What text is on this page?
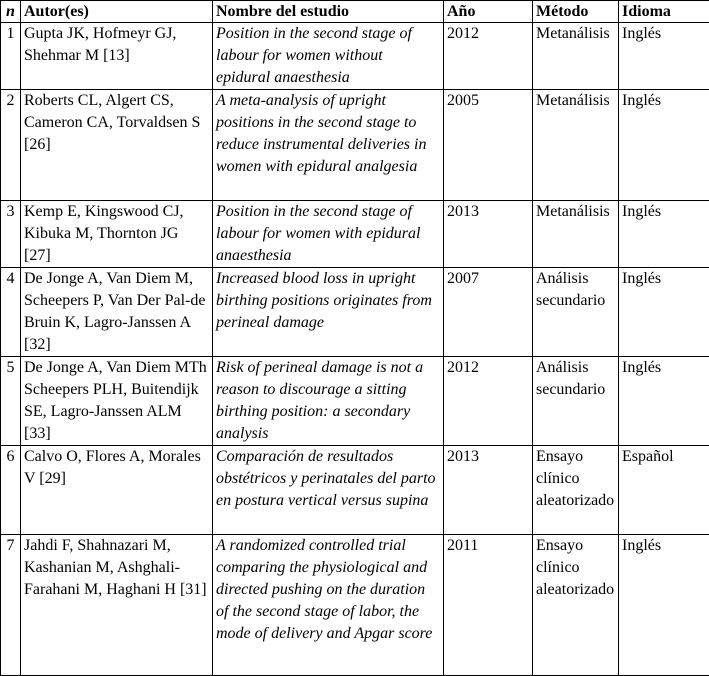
n	Autor(es)	Nombre del estudio	Año	Método	Idioma
1	Gupta JK, Hofmeyr GJ, Shehmar M [13]	Position in the second stage of labour for women without epidural anaesthesia	2012	Metanálisis	Inglés
2	Roberts CL, Algert CS, Cameron CA, Torvaldsen S [26]	A meta-analysis of upright positions in the second stage to reduce instrumental deliveries in women with epidural analgesia	2005	Metanálisis	Inglés
3	Kemp E, Kingswood CJ, Kibuka M, Thornton JG [27]	Position in the second stage of labour for women with epidural anaesthesia	2013	Metanálisis	Inglés
4	De Jonge A, Van Diem M, Scheepers P, Van Der Pal-de Bruin K, Lagro-Janssen A [32]	Increased blood loss in upright birthing positions originates from perineal damage	2007	Análisis secundario	Inglés
5	De Jonge A, Van Diem MTh Scheepers PLH, Buitendijk SE, Lagro-Janssen ALM [33]	Risk of perineal damage is not a reason to discourage a sitting birthing position: a secondary analysis	2012	Análisis secundario	Inglés
6	Calvo O, Flores A, Morales V [29]	Comparación de resultados obstétricos y perinatales del parto en postura vertical versus supina	2013	Ensayo clínico aleatorizado	Español
7	Jahdi F, Shahnazari M, Kashanian M, Ashghali-Farahani M, Haghani H [31]	A randomized controlled trial comparing the physiological and directed pushing on the duration of the second stage of labor, the mode of delivery and Apgar score	2011	Ensayo clínico aleatorizado	Inglés
